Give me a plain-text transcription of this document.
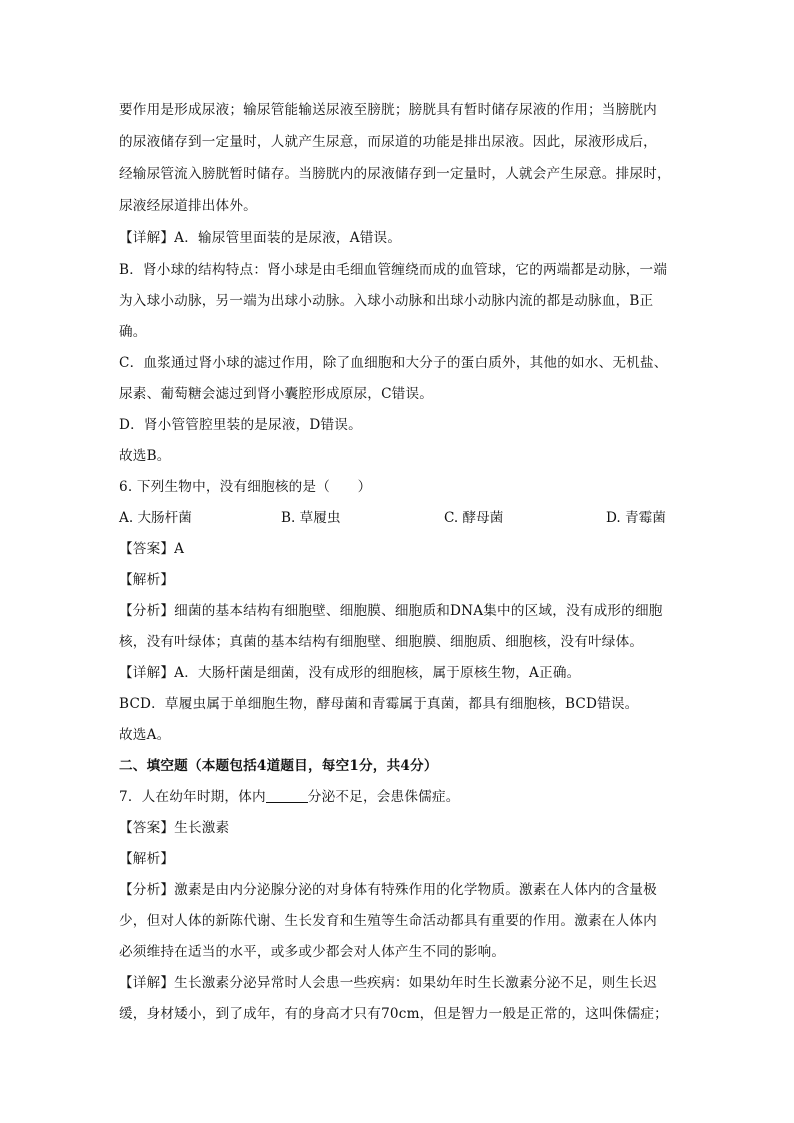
要作用是形成尿液；输尿管能输送尿液至膀胱；膀胱具有暂时储存尿液的作用；当膀胱内
的尿液储存到一定量时，人就产生尿意，而尿道的功能是排出尿液。因此，尿液形成后，
经输尿管流入膀胱暂时储存。当膀胱内的尿液储存到一定量时，人就会产生尿意。排尿时，
尿液经尿道排出体外。
【详解】A．输尿管里面装的是尿液，A错误。
B．肾小球的结构特点：肾小球是由毛细血管缠绕而成的血管球，它的两端都是动脉，一端
为入球小动脉，另一端为出球小动脉。入球小动脉和出球小动脉内流的都是动脉血，B正
确。
C．血浆通过肾小球的滤过作用，除了血细胞和大分子的蛋白质外，其他的如水、无机盐、
尿素、葡萄糖会滤过到肾小囊腔形成原尿，C错误。
D．肾小管管腔里装的是尿液，D错误。
故选B。
6. 下列生物中，没有细胞核的是（　　）
A. 大肠杆菌	B. 草履虫	C. 酵母菌	D. 青霉菌
【答案】A
【解析】
【分析】细菌的基本结构有细胞壁、细胞膜、细胞质和DNA集中的区域，没有成形的细胞
核，没有叶绿体；真菌的基本结构有细胞壁、细胞膜、细胞质、细胞核，没有叶绿体。
【详解】A．大肠杆菌是细菌，没有成形的细胞核，属于原核生物，A正确。
BCD．草履虫属于单细胞生物，酵母菌和青霉属于真菌，都具有细胞核，BCD错误。
故选A。
二、填空题（本题包括4道题目，每空1分，共4分）
7．人在幼年时期，体内	分泌不足，会患侏儒症。
【答案】生长激素
【解析】
【分析】激素是由内分泌腺分泌的对身体有特殊作用的化学物质。激素在人体内的含量极
少，但对人体的新陈代谢、生长发育和生殖等生命活动都具有重要的作用。激素在人体内
必须维持在适当的水平，或多或少都会对人体产生不同的影响。
【详解】生长激素分泌异常时人会患一些疾病：如果幼年时生长激素分泌不足，则生长迟
缓，身材矮小，到了成年，有的身高才只有70cm，但是智力一般是正常的，这叫侏儒症；
